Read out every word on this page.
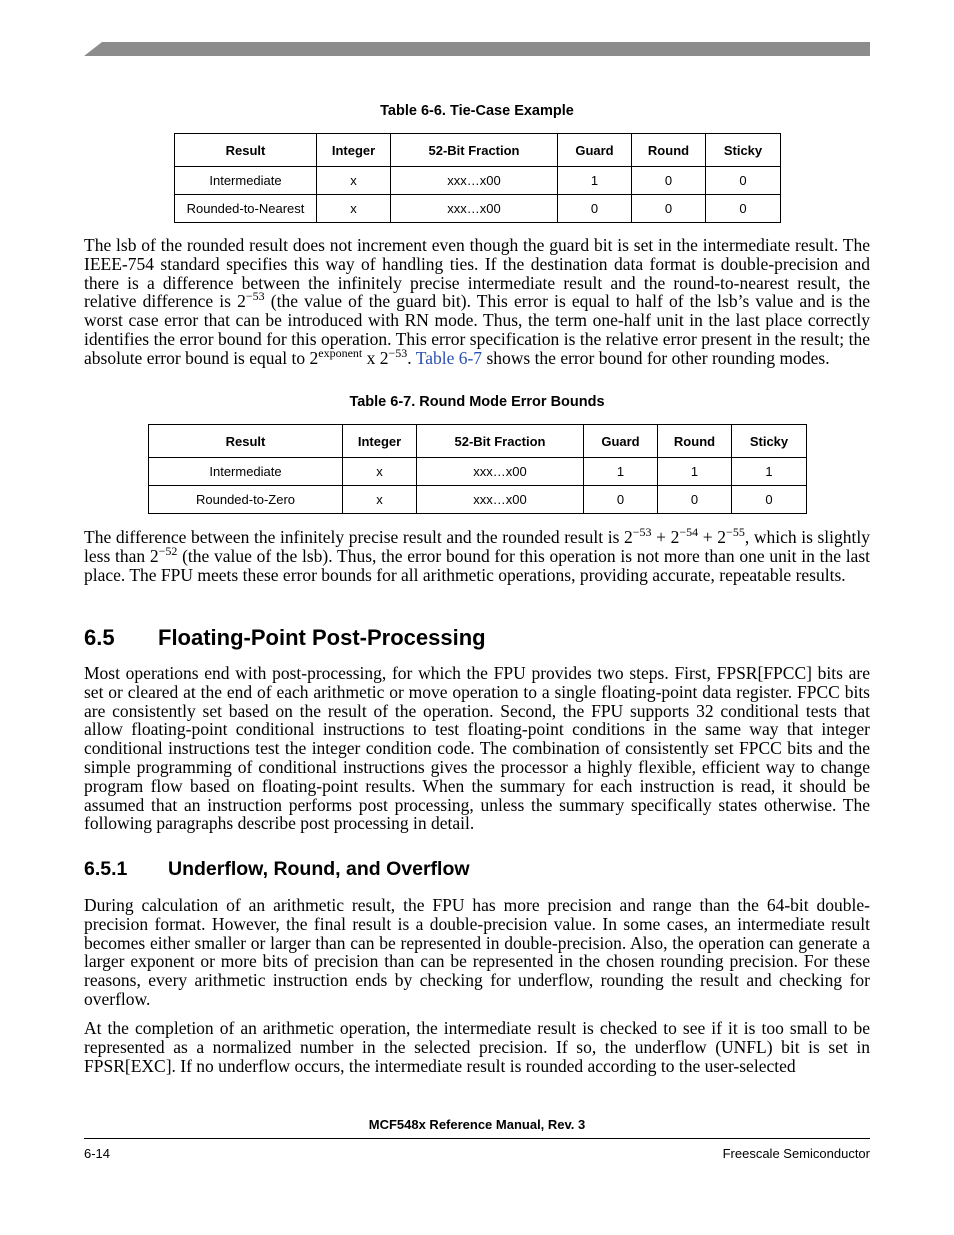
Table 6-6. Tie-Case Example
Result	Integer	52-Bit Fraction	Guard	Round	Sticky
Intermediate	x	xxx…x00	1	0	0
Rounded-to-Nearest	x	xxx…x00	0	0	0

The lsb of the rounded result does not increment even though the guard bit is set in the intermediate result. The IEEE-754 standard specifies this way of handling ties. If the destination data format is double-precision and there is a difference between the infinitely precise intermediate result and the round-to-nearest result, the relative difference is $2^{-53}$ (the value of the guard bit). This error is equal to half of the lsb’s value and is the worst case error that can be introduced with RN mode. Thus, the term one-half unit in the last place correctly identifies the error bound for this operation. This error specification is the relative error present in the result; the absolute error bound is equal to $2^{exponent}$ x $2^{-53}$. Table 6-7 shows the error bound for other rounding modes.

Table 6-7. Round Mode Error Bounds
Result	Integer	52-Bit Fraction	Guard	Round	Sticky
Intermediate	x	xxx…x00	1	1	1
Rounded-to-Zero	x	xxx…x00	0	0	0

The difference between the infinitely precise result and the rounded result is $2^{-53} + 2^{-54} + 2^{-55}$, which is slightly less than $2^{-52}$ (the value of the lsb). Thus, the error bound for this operation is not more than one unit in the last place. The FPU meets these error bounds for all arithmetic operations, providing accurate, repeatable results.

6.5 Floating-Point Post-Processing

Most operations end with post-processing, for which the FPU provides two steps. First, FPSR[FPCC] bits are set or cleared at the end of each arithmetic or move operation to a single floating-point data register. FPCC bits are consistently set based on the result of the operation. Second, the FPU supports 32 conditional tests that allow floating-point conditional instructions to test floating-point conditions in the same way that integer conditional instructions test the integer condition code. The combination of consistently set FPCC bits and the simple programming of conditional instructions gives the processor a highly flexible, efficient way to change program flow based on floating-point results. When the summary for each instruction is read, it should be assumed that an instruction performs post processing, unless the summary specifically states otherwise. The following paragraphs describe post processing in detail.

6.5.1 Underflow, Round, and Overflow

During calculation of an arithmetic result, the FPU has more precision and range than the 64-bit double-precision format. However, the final result is a double-precision value. In some cases, an intermediate result becomes either smaller or larger than can be represented in double-precision. Also, the operation can generate a larger exponent or more bits of precision than can be represented in the chosen rounding precision. For these reasons, every arithmetic instruction ends by checking for underflow, rounding the result and checking for overflow.

At the completion of an arithmetic operation, the intermediate result is checked to see if it is too small to be represented as a normalized number in the selected precision. If so, the underflow (UNFL) bit is set in FPSR[EXC]. If no underflow occurs, the intermediate result is rounded according to the user-selected

MCF548x Reference Manual, Rev. 3
6-14	Freescale Semiconductor
